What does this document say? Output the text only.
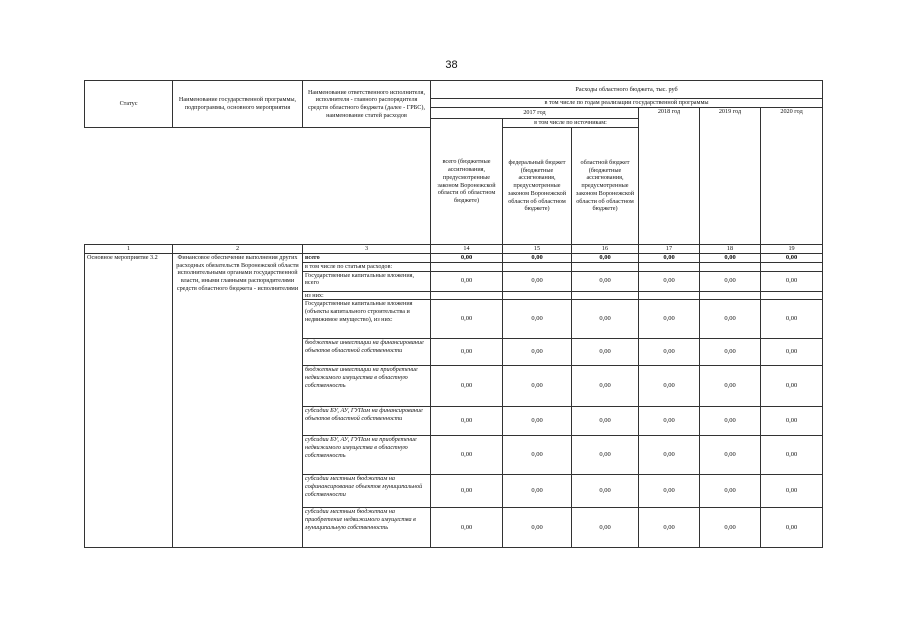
38
Статус	Наименование государственной программы, подпрограммы, основного мероприятия	Наименование ответственного исполнителя, исполнителя - главного распорядителя средств областного бюджета (далее - ГРБС), наименование статей расходов	Расходы областного бюджета, тыс. руб					
			в том числе по годам реализации государственной программы					
			2017 год			2018 год	2019 год	2020 год
			всего (бюджетные ассигнования, предусмотренные законом Воронежской области об областном бюджете)	в том числе по источникам:				
				федеральный бюджет (бюджетные ассигнования, предусмотренные законом Воронежской области об областном бюджете)	областной бюджет (бюджетные ассигнования, предусмотренные законом Воронежской области об областном бюджете)			
1	2	3	14	15	16	17	18	19
Основное мероприятие 3.2	Финансовое обеспечение выполнения других расходных обязательств Воронежской области исполнительными органами государственной власти, иными главными распорядителями средств областного бюджета - исполнителями	всего	0,00	0,00	0,00	0,00	0,00	0,00
		в том числе по статьям расходов:						
		Государственные капитальные вложения, всего	0,00	0,00	0,00	0,00	0,00	0,00
		из них:						
		Государственные капитальные вложения (объекты капитального строительства и недвижимое имущество), из них:	0,00	0,00	0,00	0,00	0,00	0,00
		бюджетные инвестиции на финансирование объектов областной собственности	0,00	0,00	0,00	0,00	0,00	0,00
		бюджетные инвестиции на приобретение недвижимого имущества в областную собственность	0,00	0,00	0,00	0,00	0,00	0,00
		субсидии БУ, АУ, ГУПам на финансирование объектов областной собственности	0,00	0,00	0,00	0,00	0,00	0,00
		субсидии БУ, АУ, ГУПам на приобретение недвижимого имущества в областную собственность	0,00	0,00	0,00	0,00	0,00	0,00
		субсидии местным бюджетам на софинансирование объектов муниципальной собственности	0,00	0,00	0,00	0,00	0,00	0,00
		субсидии местным бюджетам на приобретение недвижимого имущества в муниципальную собственность	0,00	0,00	0,00	0,00	0,00	0,00
